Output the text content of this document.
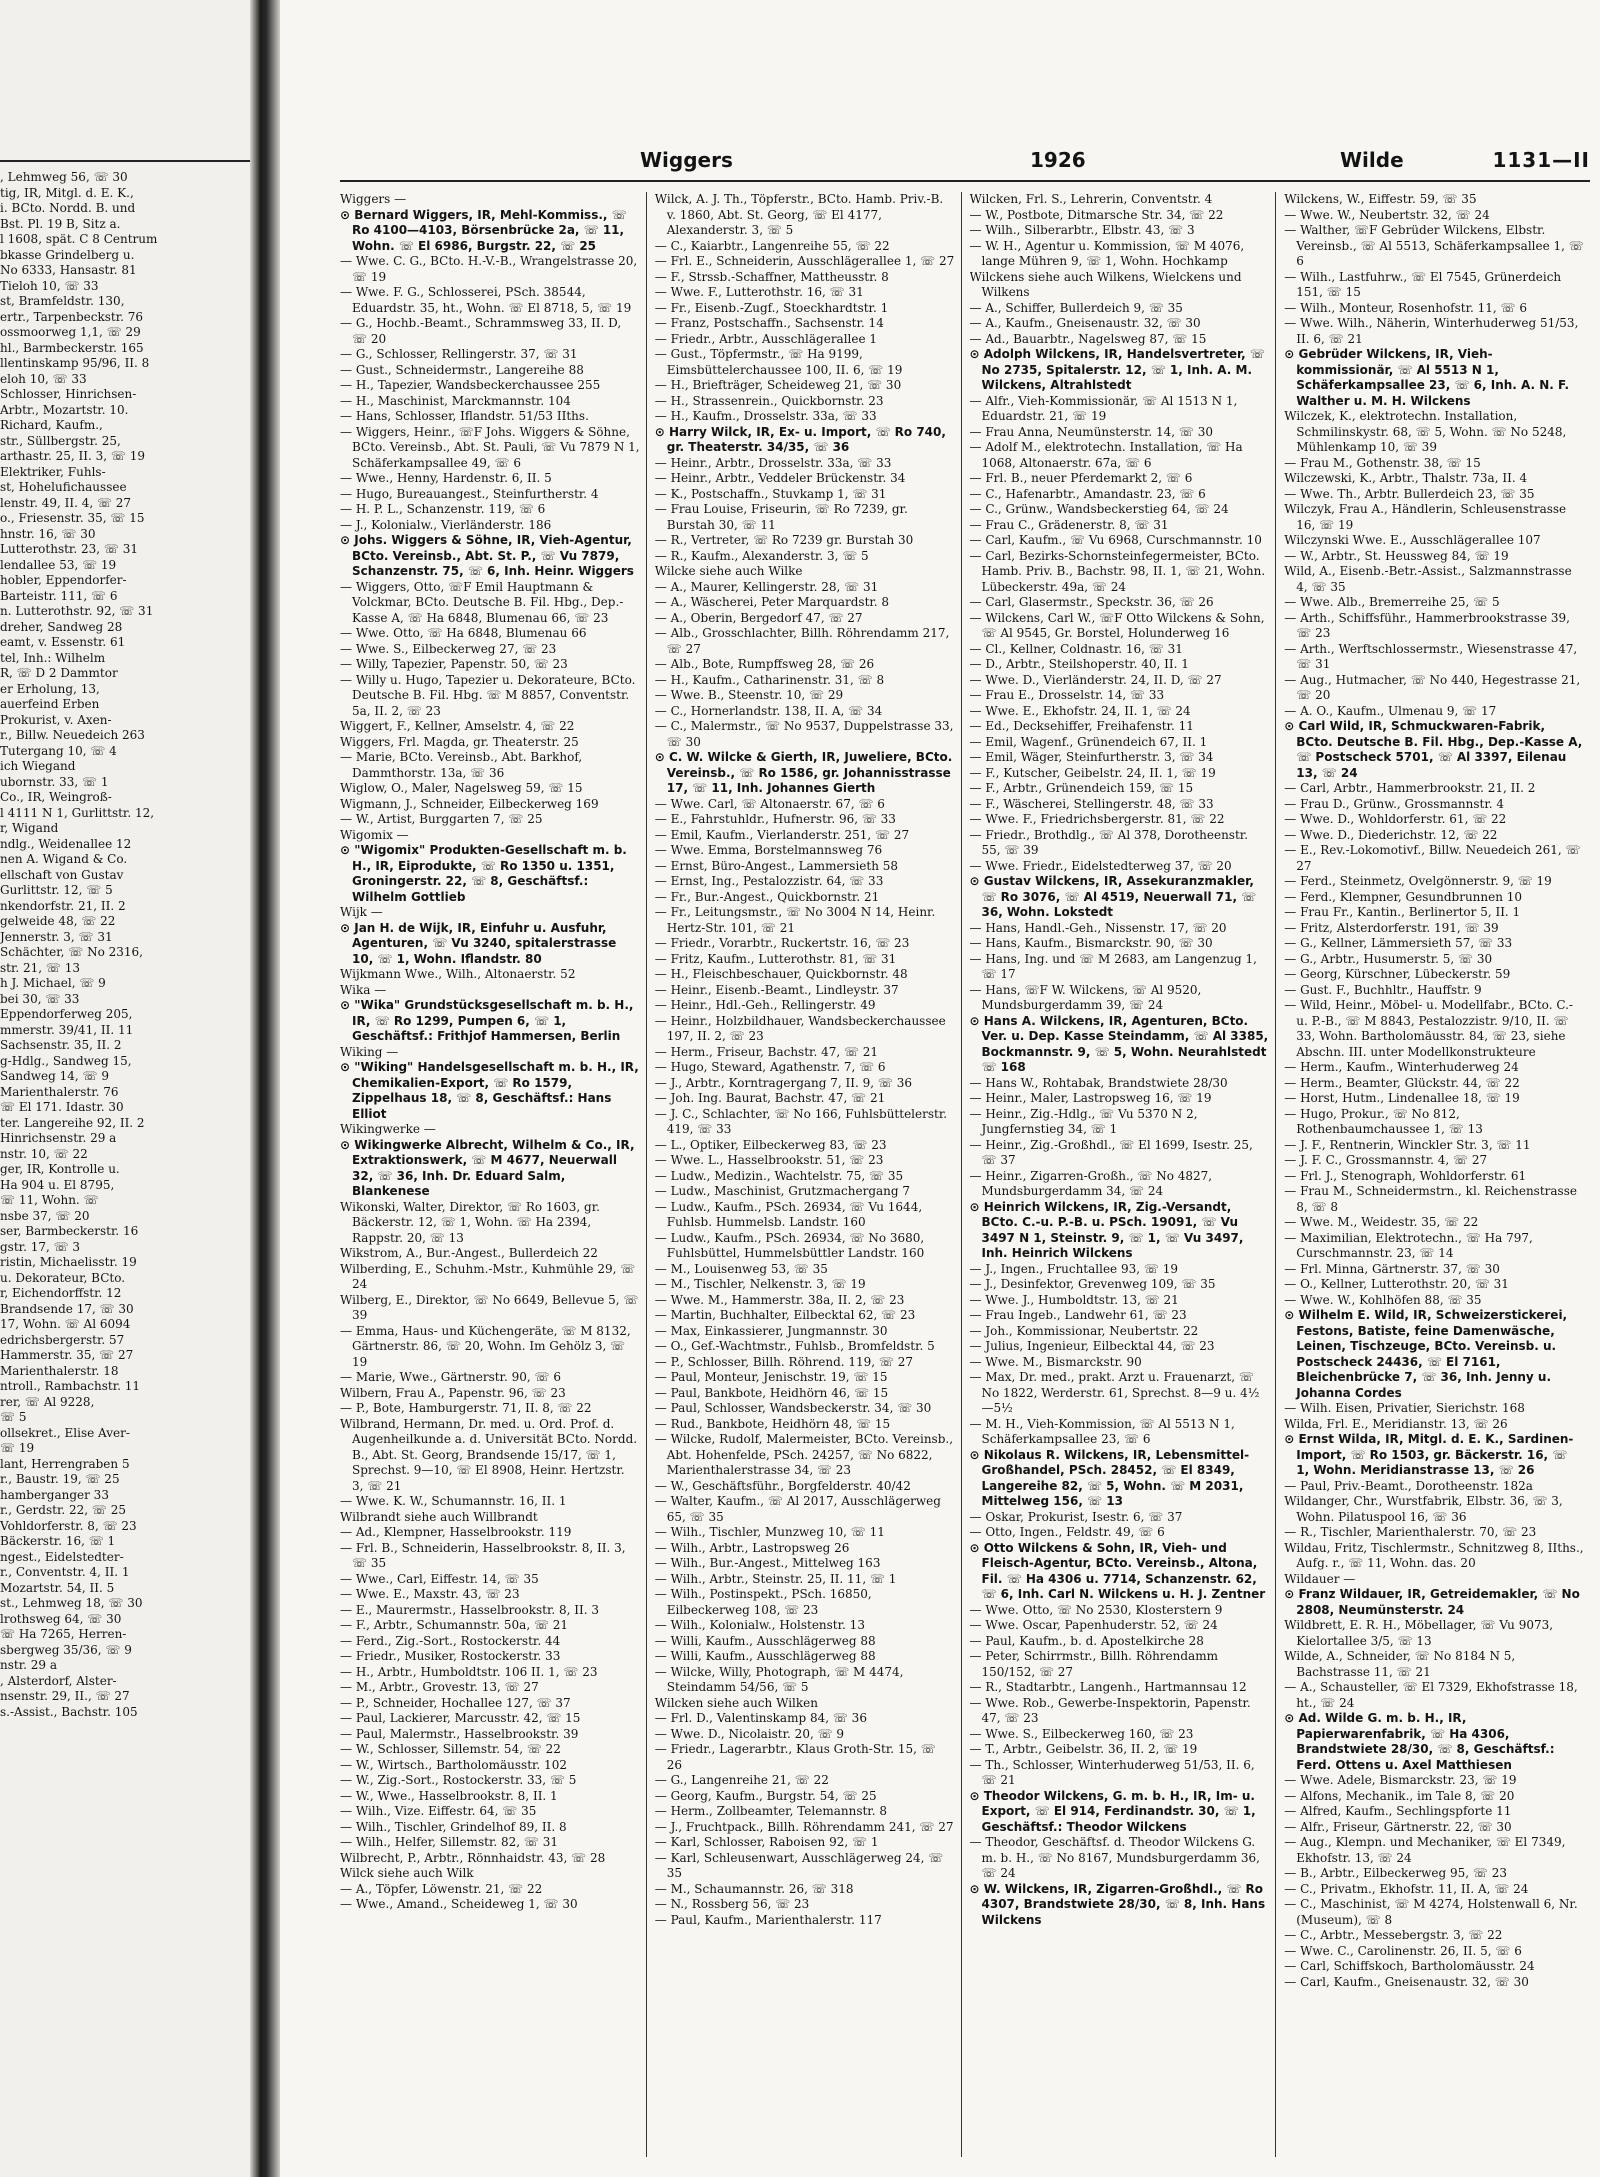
, Lehmweg 56, ☏ 30

tig, IR, Mitgl. d. E. K.,

i. BCto. Nordd. B. und

Bst. Pl. 19 B, Sitz a.

l 1608, spät. C 8 Centrum

bkasse Grindelberg u.

No 6333, Hansastr. 81

Tieloh 10, ☏ 33

st, Bramfeldstr. 130,

ertr., Tarpenbeckstr. 76

ossmoorweg 1,1, ☏ 29

hl., Barmbeckerstr. 165

llentinskamp 95/96, II. 8

eloh 10, ☏ 33

Schlosser, Hinrichsen-

Arbtr., Mozartstr. 10.

Richard, Kaufm.,

str., Süllbergstr. 25,

arthastr. 25, II. 3, ☏ 19

Elektriker, Fuhls-

st, Hohelufichaussee

lenstr. 49, II. 4, ☏ 27

o., Friesenstr. 35, ☏ 15

hnstr. 16, ☏ 30

Lutterothstr. 23, ☏ 31

lendallee 53, ☏ 19

hobler, Eppendorfer-

Barteistr. 111, ☏ 6

n. Lutterothstr. 92, ☏ 31

dreher, Sandweg 28

eamt, v. Essenstr. 61

tel, Inh.: Wilhelm

R, ☏ D 2 Dammtor

er Erholung, 13,

auerfeind Erben

Prokurist, v. Axen-

r., Billw. Neuedeich 263

Tutergang 10, ☏ 4

ich Wiegand

ubornstr. 33, ☏ 1

Co., IR, Weingroß-

l 4111 N 1, Gurlittstr. 12,

r, Wigand

ndlg., Weidenallee 12

nen A. Wigand & Co.

ellschaft von Gustav

Gurlittstr. 12, ☏ 5

nkendorfstr. 21, II. 2

gelweide 48, ☏ 22

Jennerstr. 3, ☏ 31

Schächter, ☏ No 2316,

str. 21, ☏ 13

h J. Michael, ☏ 9

bei 30, ☏ 33

Eppendorferweg 205,

mmerstr. 39/41, II. 11

Sachsenstr. 35, II. 2

g-Hdlg., Sandweg 15,

Sandweg 14, ☏ 9

Marienthalerstr. 76

☏ El 171. Idastr. 30

ter. Langereihe 92, II. 2

Hinrichsenstr. 29 a

nstr. 10, ☏ 22

ger, IR, Kontrolle u.

Ha 904 u. El 8795,

☏ 11, Wohn. ☏

nsbe 37, ☏ 20

ser, Barmbeckerstr. 16

gstr. 17, ☏ 3

ristin, Michaelisstr. 19

u. Dekorateur, BCto.

r, Eichendorffstr. 12

Brandsende 17, ☏ 30

17, Wohn. ☏ Al 6094

edrichsbergerstr. 57

Hammerstr. 35, ☏ 27

Marienthalerstr. 18

ntroll., Rambachstr. 11

rer, ☏ Al 9228,

☏ 5

ollsekret., Elise Aver-

☏ 19

lant, Herrengraben 5

r., Baustr. 19, ☏ 25

hamberganger 33

r., Gerdstr. 22, ☏ 25

Vohldorferstr. 8, ☏ 23

Bäckerstr. 16, ☏ 1

ngest., Eidelstedter-

r., Conventstr. 4, II. 1

Mozartstr. 54, II. 5

st., Lehmweg 18, ☏ 30

lrothsweg 64, ☏ 30

☏ Ha 7265, Herren-

sbergweg 35/36, ☏ 9

nstr. 29 a

, Alsterdorf, Alster-

nsenstr. 29, II., ☏ 27

s.-Assist., Bachstr. 105

Wiggers	1926	Wilde	1131—II

Wiggers —

⊙ Bernard Wiggers, IR, Mehl-Kommiss., ☏ Ro 4100—4103, Börsenbrücke 2a, ☏ 11, Wohn. ☏ El 6986, Burgstr. 22, ☏ 25

— Wwe. C. G., BCto. H.-V.-B., Wrangelstrasse 20, ☏ 19

— Wwe. F. G., Schlosserei, PSch. 38544, Eduardstr. 35, ht., Wohn. ☏ El 8718, 5, ☏ 19

— G., Hochb.-Beamt., Schrammsweg 33, II. D, ☏ 20

— G., Schlosser, Rellingerstr. 37, ☏ 31

— Gust., Schneidermstr., Langereihe 88

— H., Tapezier, Wandsbeckerchaussee 255

— H., Maschinist, Marckmannstr. 104

— Hans, Schlosser, Iflandstr. 51/53 IIths.

— Wiggers, Heinr., ☏F Johs. Wiggers & Söhne, BCto. Vereinsb., Abt. St. Pauli, ☏ Vu 7879 N 1, Schäferkampsallee 49, ☏ 6

— Wwe., Henny, Hardenstr. 6, II. 5

— Hugo, Bureauangest., Steinfurtherstr. 4

— H. P. L., Schanzenstr. 119, ☏ 6

— J., Kolonialw., Vierländerstr. 186

⊙ Johs. Wiggers & Söhne, IR, Vieh-Agentur, BCto. Vereinsb., Abt. St. P., ☏ Vu 7879, Schanzenstr. 75, ☏ 6, Inh. Heinr. Wiggers

— Wiggers, Otto, ☏F Emil Hauptmann & Volckmar, BCto. Deutsche B. Fil. Hbg., Dep.-Kasse A, ☏ Ha 6848, Blumenau 66, ☏ 23

— Wwe. Otto, ☏ Ha 6848, Blumenau 66

— Wwe. S., Eilbeckerweg 27, ☏ 23

— Willy, Tapezier, Papenstr. 50, ☏ 23

— Willy u. Hugo, Tapezier u. Dekorateure, BCto. Deutsche B. Fil. Hbg. ☏ M 8857, Conventstr. 5a, II. 2, ☏ 23

Wiggert, F., Kellner, Amselstr. 4, ☏ 22

Wiggers, Frl. Magda, gr. Theaterstr. 25

— Marie, BCto. Vereinsb., Abt. Barkhof, Dammthorstr. 13a, ☏ 36

Wiglow, O., Maler, Nagelsweg 59, ☏ 15

Wigmann, J., Schneider, Eilbeckerweg 169

— W., Artist, Burggarten 7, ☏ 25

Wigomix —

⊙ "Wigomix" Produkten-Gesellschaft m. b. H., IR, Eiprodukte, ☏ Ro 1350 u. 1351, Groningerstr. 22, ☏ 8, Geschäftsf.: Wilhelm Gottlieb

Wijk —

⊙ Jan H. de Wijk, IR, Einfuhr u. Ausfuhr, Agenturen, ☏ Vu 3240, spitalerstrasse 10, ☏ 1, Wohn. Iflandstr. 80

Wijkmann Wwe., Wilh., Altonaerstr. 52

Wika —

⊙ "Wika" Grundstücksgesellschaft m. b. H., IR, ☏ Ro 1299, Pumpen 6, ☏ 1, Geschäftsf.: Frithjof Hammersen, Berlin

Wiking —

⊙ "Wiking" Handelsgesellschaft m. b. H., IR, Chemikalien-Export, ☏ Ro 1579, Zippelhaus 18, ☏ 8, Geschäftsf.: Hans Elliot

Wikingwerke —

⊙ Wikingwerke Albrecht, Wilhelm & Co., IR, Extraktionswerk, ☏ M 4677, Neuerwall 32, ☏ 36, Inh. Dr. Eduard Salm, Blankenese

Wikonski, Walter, Direktor, ☏ Ro 1603, gr. Bäckerstr. 12, ☏ 1, Wohn. ☏ Ha 2394, Rappstr. 20, ☏ 13

Wikstrom, A., Bur.-Angest., Bullerdeich 22

Wilberding, E., Schuhm.-Mstr., Kuhmühle 29, ☏ 24

Wilberg, E., Direktor, ☏ No 6649, Bellevue 5, ☏ 39

— Emma, Haus- und Küchengeräte, ☏ M 8132, Gärtnerstr. 86, ☏ 20, Wohn. Im Gehölz 3, ☏ 19

— Marie, Wwe., Gärtnerstr. 90, ☏ 6

Wilbern, Frau A., Papenstr. 96, ☏ 23

— P., Bote, Hamburgerstr. 71, II. 8, ☏ 22

Wilbrand, Hermann, Dr. med. u. Ord. Prof. d. Augenheilkunde a. d. Universität BCto. Nordd. B., Abt. St. Georg, Brandsende 15/17, ☏ 1, Sprechst. 9—10, ☏ El 8908, Heinr. Hertzstr. 3, ☏ 21

— Wwe. K. W., Schumannstr. 16, II. 1

Wilbrandt siehe auch Willbrandt

— Ad., Klempner, Hasselbrookstr. 119

— Frl. B., Schneiderin, Hasselbrookstr. 8, II. 3, ☏ 35

— Wwe., Carl, Eiffestr. 14, ☏ 35

— Wwe. E., Maxstr. 43, ☏ 23

— E., Maurermstr., Hasselbrookstr. 8, II. 3

— F., Arbtr., Schumannstr. 50a, ☏ 21

— Ferd., Zig.-Sort., Rostockerstr. 44

— Friedr., Musiker, Rostockerstr. 33

— H., Arbtr., Humboldtstr. 106 II. 1, ☏ 23

— M., Arbtr., Grovestr. 13, ☏ 27

— P., Schneider, Hochallee 127, ☏ 37

— Paul, Lackierer, Marcusstr. 42, ☏ 15

— Paul, Malermstr., Hasselbrookstr. 39

— W., Schlosser, Sillemstr. 54, ☏ 22

— W., Wirtsch., Bartholomäusstr. 102

— W., Zig.-Sort., Rostockerstr. 33, ☏ 5

— W., Wwe., Hasselbrookstr. 8, II. 1

— Wilh., Vize. Eiffestr. 64, ☏ 35

— Wilh., Tischler, Grindelhof 89, II. 8

— Wilh., Helfer, Sillemstr. 82, ☏ 31

Wilbrecht, P., Arbtr., Rönnhaidstr. 43, ☏ 28

Wilck siehe auch Wilk

— A., Töpfer, Löwenstr. 21, ☏ 22

— Wwe., Amand., Scheideweg 1, ☏ 30

Wilck, A. J. Th., Töpferstr., BCto. Hamb. Priv.-B. v. 1860, Abt. St. Georg, ☏ El 4177, Alexanderstr. 3, ☏ 5

— C., Kaiarbtr., Langenreihe 55, ☏ 22

— Frl. E., Schneiderin, Ausschlägerallee 1, ☏ 27

— F., Strssb.-Schaffner, Mattheusstr. 8

— Wwe. F., Lutterothstr. 16, ☏ 31

— Fr., Eisenb.-Zugf., Stoeckhardtstr. 1

— Franz, Postschaffn., Sachsenstr. 14

— Friedr., Arbtr., Ausschlägerallee 1

— Gust., Töpfermstr., ☏ Ha 9199, Eimsbüttelerchaussee 100, II. 6, ☏ 19

— H., Briefträger, Scheideweg 21, ☏ 30

— H., Strassenrein., Quickbornstr. 23

— H., Kaufm., Drosselstr. 33a, ☏ 33

⊙ Harry Wilck, IR, Ex- u. Import, ☏ Ro 740, gr. Theaterstr. 34/35, ☏ 36

— Heinr., Arbtr., Drosselstr. 33a, ☏ 33

— Heinr., Arbtr., Veddeler Brückenstr. 34

— K., Postschaffn., Stuvkamp 1, ☏ 31

— Frau Louise, Friseurin, ☏ Ro 7239, gr. Burstah 30, ☏ 11

— R., Vertreter, ☏ Ro 7239 gr. Burstah 30

— R., Kaufm., Alexanderstr. 3, ☏ 5

Wilcke siehe auch Wilke

— A., Maurer, Kellingerstr. 28, ☏ 31

— A., Wäscherei, Peter Marquardstr. 8

— A., Oberin, Bergedorf 47, ☏ 27

— Alb., Grosschlachter, Billh. Röhrendamm 217, ☏ 27

— Alb., Bote, Rumpffsweg 28, ☏ 26

— H., Kaufm., Catharinenstr. 31, ☏ 8

— Wwe. B., Steenstr. 10, ☏ 29

— C., Hornerlandstr. 138, II. A, ☏ 34

— C., Malermstr., ☏ No 9537, Duppelstrasse 33, ☏ 30

⊙ C. W. Wilcke & Gierth, IR, Juweliere, BCto. Vereinsb., ☏ Ro 1586, gr. Johannisstrasse 17, ☏ 11, Inh. Johannes Gierth

— Wwe. Carl, ☏ Altonaerstr. 67, ☏ 6

— E., Fahrstuhldr., Hufnerstr. 96, ☏ 33

— Emil, Kaufm., Vierlanderstr. 251, ☏ 27

— Wwe. Emma, Borstelmannsweg 76

— Ernst, Büro-Angest., Lammersieth 58

— Ernst, Ing., Pestalozzistr. 64, ☏ 33

— Fr., Bur.-Angest., Quickbornstr. 21

— Fr., Leitungsmstr., ☏ No 3004 N 14, Heinr. Hertz-Str. 101, ☏ 21

— Friedr., Vorarbtr., Ruckertstr. 16, ☏ 23

— Fritz, Kaufm., Lutterothstr. 81, ☏ 31

— H., Fleischbeschauer, Quickbornstr. 48

— Heinr., Eisenb.-Beamt., Lindleystr. 37

— Heinr., Hdl.-Geh., Rellingerstr. 49

— Heinr., Holzbildhauer, Wandsbeckerchaussee 197, II. 2, ☏ 23

— Herm., Friseur, Bachstr. 47, ☏ 21

— Hugo, Steward, Agathenstr. 7, ☏ 6

— J., Arbtr., Korntragergang 7, II. 9, ☏ 36

— Joh. Ing. Baurat, Bachstr. 47, ☏ 21

— J. C., Schlachter, ☏ No 166, Fuhlsbüttelerstr. 419, ☏ 33

— L., Optiker, Eilbeckerweg 83, ☏ 23

— Wwe. L., Hasselbrookstr. 51, ☏ 23

— Ludw., Medizin., Wachtelstr. 75, ☏ 35

— Ludw., Maschinist, Grutzmachergang 7

— Ludw., Kaufm., PSch. 26934, ☏ Vu 1644, Fuhlsb. Hummelsb. Landstr. 160

— Ludw., Kaufm., PSch. 26934, ☏ No 3680, Fuhlsbüttel, Hummelsbüttler Landstr. 160

— M., Louisenweg 53, ☏ 35

— M., Tischler, Nelkenstr. 3, ☏ 19

— Wwe. M., Hammerstr. 38a, II. 2, ☏ 23

— Martin, Buchhalter, Eilbecktal 62, ☏ 23

— Max, Einkassierer, Jungmannstr. 30

— O., Gef.-Wachtmstr., Fuhlsb., Bromfeldstr. 5

— P., Schlosser, Billh. Röhrend. 119, ☏ 27

— Paul, Monteur, Jenischstr. 19, ☏ 15

— Paul, Bankbote, Heidhörn 46, ☏ 15

— Paul, Schlosser, Wandsbeckerstr. 34, ☏ 30

— Rud., Bankbote, Heidhörn 48, ☏ 15

— Wilcke, Rudolf, Malermeister, BCto. Vereinsb., Abt. Hohenfelde, PSch. 24257, ☏ No 6822, Marienthalerstrasse 34, ☏ 23

— W., Geschäftsführ., Borgfelderstr. 40/42

— Walter, Kaufm., ☏ Al 2017, Ausschlägerweg 65, ☏ 35

— Wilh., Tischler, Munzweg 10, ☏ 11

— Wilh., Arbtr., Lastropsweg 26

— Wilh., Bur.-Angest., Mittelweg 163

— Wilh., Arbtr., Steinstr. 25, II. 11, ☏ 1

— Wilh., Postinspekt., PSch. 16850, Eilbeckerweg 108, ☏ 23

— Wilh., Kolonialw., Holstenstr. 13

— Willi, Kaufm., Ausschlägerweg 88

— Willi, Kaufm., Ausschlägerweg 88

— Wilcke, Willy, Photograph, ☏ M 4474, Steindamm 54/56, ☏ 5

Wilcken siehe auch Wilken

— Frl. D., Valentinskamp 84, ☏ 36

— Wwe. D., Nicolaistr. 20, ☏ 9

— Friedr., Lagerarbtr., Klaus Groth-Str. 15, ☏ 26

— G., Langenreihe 21, ☏ 22

— Georg, Kaufm., Burgstr. 54, ☏ 25

— Herm., Zollbeamter, Telemannstr. 8

— J., Fruchtpack., Billh. Röhrendamm 241, ☏ 27

— Karl, Schlosser, Raboisen 92, ☏ 1

— Karl, Schleusenwart, Ausschlägerweg 24, ☏ 35

— M., Schaumannstr. 26, ☏ 318

— N., Rossberg 56, ☏ 23

— Paul, Kaufm., Marienthalerstr. 117

Wilcken, Frl. S., Lehrerin, Conventstr. 4

— W., Postbote, Ditmarsche Str. 34, ☏ 22

— Wilh., Silberarbtr., Elbstr. 43, ☏ 3

— W. H., Agentur u. Kommission, ☏ M 4076, lange Mühren 9, ☏ 1, Wohn. Hochkamp

Wilckens siehe auch Wilkens, Wielckens und Wilkens

— A., Schiffer, Bullerdeich 9, ☏ 35

— A., Kaufm., Gneisenaustr. 32, ☏ 30

— Ad., Bauarbtr., Nagelsweg 87, ☏ 15

⊙ Adolph Wilckens, IR, Handelsvertreter, ☏ No 2735, Spitalerstr. 12, ☏ 1, Inh. A. M. Wilckens, Altrahlstedt

— Alfr., Vieh-Kommissionär, ☏ Al 1513 N 1, Eduardstr. 21, ☏ 19

— Frau Anna, Neumünsterstr. 14, ☏ 30

— Adolf M., elektrotechn. Installation, ☏ Ha 1068, Altonaerstr. 67a, ☏ 6

— Frl. B., neuer Pferdemarkt 2, ☏ 6

— C., Hafenarbtr., Amandastr. 23, ☏ 6

— C., Grünw., Wandsbeckerstieg 64, ☏ 24

— Frau C., Grädenerstr. 8, ☏ 31

— Carl, Kaufm., ☏ Vu 6968, Curschmannstr. 10

— Carl, Bezirks-Schornsteinfegermeister, BCto. Hamb. Priv. B., Bachstr. 98, II. 1, ☏ 21, Wohn. Lübeckerstr. 49a, ☏ 24

— Carl, Glasermstr., Speckstr. 36, ☏ 26

— Wilckens, Carl W., ☏F Otto Wilckens & Sohn, ☏ Al 9545, Gr. Borstel, Holunderweg 16

— Cl., Kellner, Coldnastr. 16, ☏ 31

— D., Arbtr., Steilshoperstr. 40, II. 1

— Wwe. D., Vierländerstr. 24, II. D, ☏ 27

— Frau E., Drosselstr. 14, ☏ 33

— Wwe. E., Ekhofstr. 24, II. 1, ☏ 24

— Ed., Decksehiffer, Freihafenstr. 11

— Emil, Wagenf., Grünendeich 67, II. 1

— Emil, Wäger, Steinfurtherstr. 3, ☏ 34

— F., Kutscher, Geibelstr. 24, II. 1, ☏ 19

— F., Arbtr., Grünendeich 159, ☏ 15

— F., Wäscherei, Stellingerstr. 48, ☏ 33

— Wwe. F., Friedrichsbergerstr. 81, ☏ 22

— Friedr., Brothdlg., ☏ Al 378, Dorotheenstr. 55, ☏ 39

— Wwe. Friedr., Eidelstedterweg 37, ☏ 20

⊙ Gustav Wilckens, IR, Assekuranzmakler, ☏ Ro 3076, ☏ Al 4519, Neuerwall 71, ☏ 36, Wohn. Lokstedt

— Hans, Handl.-Geh., Nissenstr. 17, ☏ 20

— Hans, Kaufm., Bismarckstr. 90, ☏ 30

— Hans, Ing. und ☏ M 2683, am Langenzug 1, ☏ 17

— Hans, ☏F W. Wilckens, ☏ Al 9520, Mundsburgerdamm 39, ☏ 24

⊙ Hans A. Wilckens, IR, Agenturen, BCto. Ver. u. Dep. Kasse Steindamm, ☏ Al 3385, Bockmannstr. 9, ☏ 5, Wohn. Neurahlstedt ☏ 168

— Hans W., Rohtabak, Brandstwiete 28/30

— Heinr., Maler, Lastropsweg 16, ☏ 19

— Heinr., Zig.-Hdlg., ☏ Vu 5370 N 2, Jungfernstieg 34, ☏ 1

— Heinr., Zig.-Großhdl., ☏ El 1699, Isestr. 25, ☏ 37

— Heinr., Zigarren-Großh., ☏ No 4827, Mundsburgerdamm 34, ☏ 24

⊙ Heinrich Wilckens, IR, Zig.-Versandt, BCto. C.-u. P.-B. u. PSch. 19091, ☏ Vu 3497 N 1, Steinstr. 9, ☏ 1, ☏ Vu 3497, Inh. Heinrich Wilckens

— J., Ingen., Fruchtallee 93, ☏ 19

— J., Desinfektor, Grevenweg 109, ☏ 35

— Wwe. J., Humboldtstr. 13, ☏ 21

— Frau Ingeb., Landwehr 61, ☏ 23

— Joh., Kommissionar, Neubertstr. 22

— Julius, Ingenieur, Eilbecktal 44, ☏ 23

— Wwe. M., Bismarckstr. 90

— Max, Dr. med., prakt. Arzt u. Frauenarzt, ☏ No 1822, Werderstr. 61, Sprechst. 8—9 u. 4½—5½

— M. H., Vieh-Kommission, ☏ Al 5513 N 1, Schäferkampsallee 23, ☏ 6

⊙ Nikolaus R. Wilckens, IR, Lebensmittel-Großhandel, PSch. 28452, ☏ El 8349, Langereihe 82, ☏ 5, Wohn. ☏ M 2031, Mittelweg 156, ☏ 13

— Oskar, Prokurist, Isestr. 6, ☏ 37

— Otto, Ingen., Feldstr. 49, ☏ 6

⊙ Otto Wilckens & Sohn, IR, Vieh- und Fleisch-Agentur, BCto. Vereinsb., Altona, Fil. ☏ Ha 4306 u. 7714, Schanzenstr. 62, ☏ 6, Inh. Carl N. Wilckens u. H. J. Zentner

— Wwe. Otto, ☏ No 2530, Klosterstern 9

— Wwe. Oscar, Papenhuderstr. 52, ☏ 24

— Paul, Kaufm., b. d. Apostelkirche 28

— Peter, Schirrmstr., Billh. Röhrendamm 150/152, ☏ 27

— R., Stadtarbtr., Langenh., Hartmannsau 12

— Wwe. Rob., Gewerbe-Inspektorin, Papenstr. 47, ☏ 23

— Wwe. S., Eilbeckerweg 160, ☏ 23

— T., Arbtr., Geibelstr. 36, II. 2, ☏ 19

— Th., Schlosser, Winterhuderweg 51/53, II. 6, ☏ 21

⊙ Theodor Wilckens, G. m. b. H., IR, Im- u. Export, ☏ El 914, Ferdinandstr. 30, ☏ 1, Geschäftsf.: Theodor Wilckens

— Theodor, Geschäftsf. d. Theodor Wilckens G. m. b. H., ☏ No 8167, Mundsburgerdamm 36, ☏ 24

⊙ W. Wilckens, IR, Zigarren-Großhdl., ☏ Ro 4307, Brandstwiete 28/30, ☏ 8, Inh. Hans Wilckens

Wilckens, W., Eiffestr. 59, ☏ 35

— Wwe. W., Neubertstr. 32, ☏ 24

— Walther, ☏F Gebrüder Wilckens, Elbstr. Vereinsb., ☏ Al 5513, Schäferkampsallee 1, ☏ 6

— Wilh., Lastfuhrw., ☏ El 7545, Grünerdeich 151, ☏ 15

— Wilh., Monteur, Rosenhofstr. 11, ☏ 6

— Wwe. Wilh., Näherin, Winterhuderweg 51/53, II. 6, ☏ 21

⊙ Gebrüder Wilckens, IR, Vieh-kommissionär, ☏ Al 5513 N 1, Schäferkampsallee 23, ☏ 6, Inh. A. N. F. Walther u. M. H. Wilckens

Wilczek, K., elektrotechn. Installation, Schmilinskystr. 68, ☏ 5, Wohn. ☏ No 5248, Mühlenkamp 10, ☏ 39

— Frau M., Gothenstr. 38, ☏ 15

Wilczewski, K., Arbtr., Thalstr. 73a, II. 4

— Wwe. Th., Arbtr. Bullerdeich 23, ☏ 35

Wilczyk, Frau A., Händlerin, Schleusenstrasse 16, ☏ 19

Wilczynski Wwe. E., Ausschlägerallee 107

— W., Arbtr., St. Heussweg 84, ☏ 19

Wild, A., Eisenb.-Betr.-Assist., Salzmannstrasse 4, ☏ 35

— Wwe. Alb., Bremerreihe 25, ☏ 5

— Arth., Schiffsführ., Hammerbrookstrasse 39, ☏ 23

— Arth., Werftschlossermstr., Wiesenstrasse 47, ☏ 31

— Aug., Hutmacher, ☏ No 440, Hegestrasse 21, ☏ 20

— A. O., Kaufm., Ulmenau 9, ☏ 17

⊙ Carl Wild, IR, Schmuckwaren-Fabrik, BCto. Deutsche B. Fil. Hbg., Dep.-Kasse A, ☏ Postscheck 5701, ☏ Al 3397, Eilenau 13, ☏ 24

— Carl, Arbtr., Hammerbrookstr. 21, II. 2

— Frau D., Grünw., Grossmannstr. 4

— Wwe. D., Wohldorferstr. 61, ☏ 22

— Wwe. D., Diederichstr. 12, ☏ 22

— E., Rev.-Lokomotivf., Billw. Neuedeich 261, ☏ 27

— Ferd., Steinmetz, Ovelgönnerstr. 9, ☏ 19

— Ferd., Klempner, Gesundbrunnen 10

— Frau Fr., Kantin., Berlinertor 5, II. 1

— Fritz, Alsterdorferstr. 191, ☏ 39

— G., Kellner, Lämmersieth 57, ☏ 33

— G., Arbtr., Husumerstr. 5, ☏ 30

— Georg, Kürschner, Lübeckerstr. 59

— Gust. F., Buchhltr., Hauffstr. 9

— Wild, Heinr., Möbel- u. Modellfabr., BCto. C.- u. P.-B., ☏ M 8843, Pestalozzistr. 9/10, II. ☏ 33, Wohn. Bartholomäusstr. 84, ☏ 23, siehe Abschn. III. unter Modellkonstrukteure

— Herm., Kaufm., Winterhuderweg 24

— Herm., Beamter, Glückstr. 44, ☏ 22

— Horst, Hutm., Lindenallee 18, ☏ 19

— Hugo, Prokur., ☏ No 812, Rothenbaumchaussee 1, ☏ 13

— J. F., Rentnerin, Winckler Str. 3, ☏ 11

— J. F. C., Grossmannstr. 4, ☏ 27

— Frl. J., Stenograph, Wohldorferstr. 61

— Frau M., Schneidermstrn., kl. Reichenstrasse 8, ☏ 8

— Wwe. M., Weidestr. 35, ☏ 22

— Maximilian, Elektrotechn., ☏ Ha 797, Curschmannstr. 23, ☏ 14

— Frl. Minna, Gärtnerstr. 37, ☏ 30

— O., Kellner, Lutterothstr. 20, ☏ 31

— Wwe. W., Kohlhöfen 88, ☏ 35

⊙ Wilhelm E. Wild, IR, Schweizerstickerei, Festons, Batiste, feine Damenwäsche, Leinen, Tischzeuge, BCto. Vereinsb. u. Postscheck 24436, ☏ El 7161, Bleichenbrücke 7, ☏ 36, Inh. Jenny u. Johanna Cordes

— Wilh. Eisen, Privatier, Sierichstr. 168

Wilda, Frl. E., Meridianstr. 13, ☏ 26

⊙ Ernst Wilda, IR, Mitgl. d. E. K., Sardinen-Import, ☏ Ro 1503, gr. Bäckerstr. 16, ☏ 1, Wohn. Meridianstrasse 13, ☏ 26

— Paul, Priv.-Beamt., Dorotheenstr. 182a

Wildanger, Chr., Wurstfabrik, Elbstr. 36, ☏ 3, Wohn. Pilatuspool 16, ☏ 36

— R., Tischler, Marienthalerstr. 70, ☏ 23

Wildau, Fritz, Tischlermstr., Schnitzweg 8, IIths., Aufg. r., ☏ 11, Wohn. das. 20

Wildauer —

⊙ Franz Wildauer, IR, Getreidemakler, ☏ No 2808, Neumünsterstr. 24

Wildbrett, E. R. H., Möbellager, ☏ Vu 9073, Kielortallee 3/5, ☏ 13

Wilde, A., Schneider, ☏ No 8184 N 5, Bachstrasse 11, ☏ 21

— A., Schausteller, ☏ El 7329, Ekhofstrasse 18, ht., ☏ 24

⊙ Ad. Wilde G. m. b. H., IR, Papierwarenfabrik, ☏ Ha 4306, Brandstwiete 28/30, ☏ 8, Geschäftsf.: Ferd. Ottens u. Axel Matthiesen

— Wwe. Adele, Bismarckstr. 23, ☏ 19

— Alfons, Mechanik., im Tale 8, ☏ 20

— Alfred, Kaufm., Sechlingspforte 11

— Alfr., Friseur, Gärtnerstr. 22, ☏ 30

— Aug., Klempn. und Mechaniker, ☏ El 7349, Ekhofstr. 13, ☏ 24

— B., Arbtr., Eilbeckerweg 95, ☏ 23

— C., Privatm., Ekhofstr. 11, II. A, ☏ 24

— C., Maschinist, ☏ M 4274, Holstenwall 6, Nr. (Museum), ☏ 8

— C., Arbtr., Messebergstr. 3, ☏ 22

— Wwe. C., Carolinenstr. 26, II. 5, ☏ 6

— Carl, Schiffskoch, Bartholomäusstr. 24

— Carl, Kaufm., Gneisenaustr. 32, ☏ 30
